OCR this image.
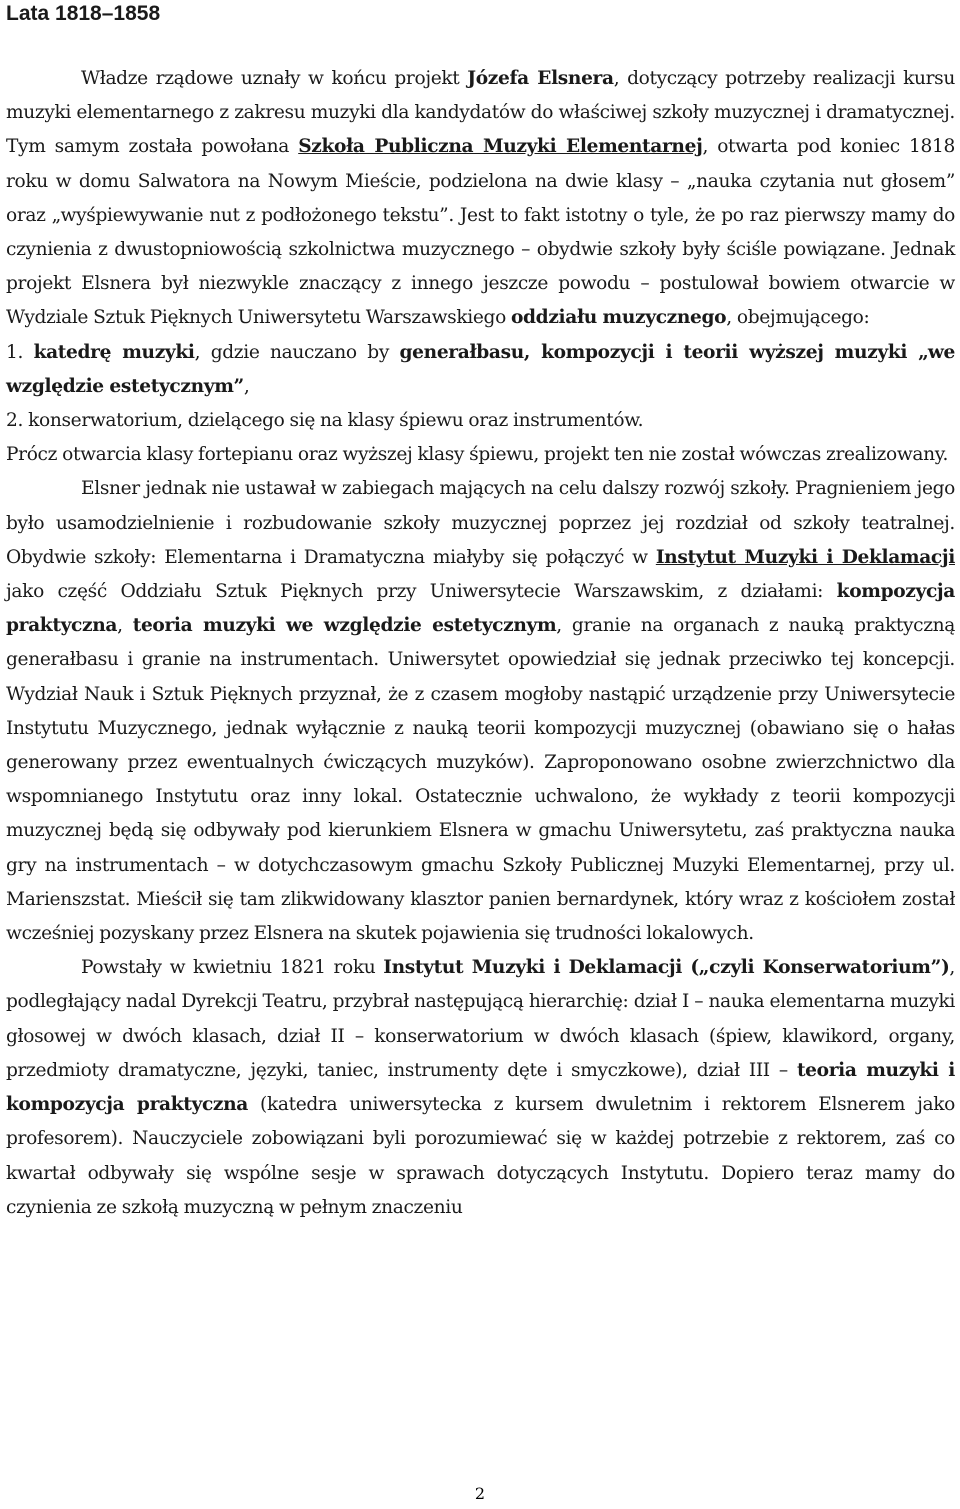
Lata 1818–1858

Władze rządowe uznały w końcu projekt Józefa Elsnera, dotyczący potrzeby realizacji kursu muzyki elementarnego z zakresu muzyki dla kandydatów do właściwej szkoły muzycznej i dramatycznej. Tym samym została powołana Szkoła Publiczna Muzyki Elementarnej, otwarta pod koniec 1818 roku w domu Salwatora na Nowym Mieście, podzielona na dwie klasy – „nauka czytania nut głosem” oraz „wyśpiewywanie nut z podłożonego tekstu”. Jest to fakt istotny o tyle, że po raz pierwszy mamy do czynienia z dwustopniowością szkolnictwa muzycznego – obydwie szkoły były ściśle powiązane. Jednak projekt Elsnera był niezwykle znaczący z innego jeszcze powodu – postulował bowiem otwarcie w Wydziale Sztuk Pięknych Uniwersytetu Warszawskiego oddziału muzycznego, obejmującego:

1. katedrę muzyki, gdzie nauczano by generałbasu, kompozycji i teorii wyższej muzyki „we względzie estetycznym”,

2. konserwatorium, dzielącego się na klasy śpiewu oraz instrumentów.

Prócz otwarcia klasy fortepianu oraz wyższej klasy śpiewu, projekt ten nie został wówczas zrealizowany.

Elsner jednak nie ustawał w zabiegach mających na celu dalszy rozwój szkoły. Pragnieniem jego było usamodzielnienie i rozbudowanie szkoły muzycznej poprzez jej rozdział od szkoły teatralnej. Obydwie szkoły: Elementarna i Dramatyczna miałyby się połączyć w Instytut Muzyki i Deklamacji jako część Oddziału Sztuk Pięknych przy Uniwersytecie Warszawskim, z działami: kompozycja praktyczna, teoria muzyki we względzie estetycznym, granie na organach z nauką praktyczną generałbasu i granie na instrumentach. Uniwersytet opowiedział się jednak przeciwko tej koncepcji. Wydział Nauk i Sztuk Pięknych przyznał, że z czasem mogłoby nastąpić urządzenie przy Uniwersytecie Instytutu Muzycznego, jednak wyłącznie z nauką teorii kompozycji muzycznej (obawiano się o hałas generowany przez ewentualnych ćwiczących muzyków). Zaproponowano osobne zwierzchnictwo dla wspomnianego Instytutu oraz inny lokal. Ostatecznie uchwalono, że wykłady z teorii kompozycji muzycznej będą się odbywały pod kierunkiem Elsnera w gmachu Uniwersytetu, zaś praktyczna nauka gry na instrumentach – w dotychczasowym gmachu Szkoły Publicznej Muzyki Elementarnej, przy ul. Marienszstat. Mieścił się tam zlikwidowany klasztor panien bernardynek, który wraz z kościołem został wcześniej pozyskany przez Elsnera na skutek pojawienia się trudności lokalowych.

Powstały w kwietniu 1821 roku Instytut Muzyki i Deklamacji („czyli Konserwatorium”), podległający nadal Dyrekcji Teatru, przybrał następującą hierarchię: dział I – nauka elementarna muzyki głosowej w dwóch klasach, dział II – konserwatorium w dwóch klasach (śpiew, klawikord, organy, przedmioty dramatyczne, języki, taniec, instrumenty dęte i smyczkowe), dział III – teoria muzyki i kompozycja praktyczna (katedra uniwersytecka z kursem dwuletnim i rektorem Elsnerem jako profesorem). Nauczyciele zobowiązani byli porozumiewać się w każdej potrzebie z rektorem, zaś co kwartał odbywały się wspólne sesje w sprawach dotyczących Instytutu. Dopiero teraz mamy do czynienia ze szkołą muzyczną w pełnym znaczeniu

2
